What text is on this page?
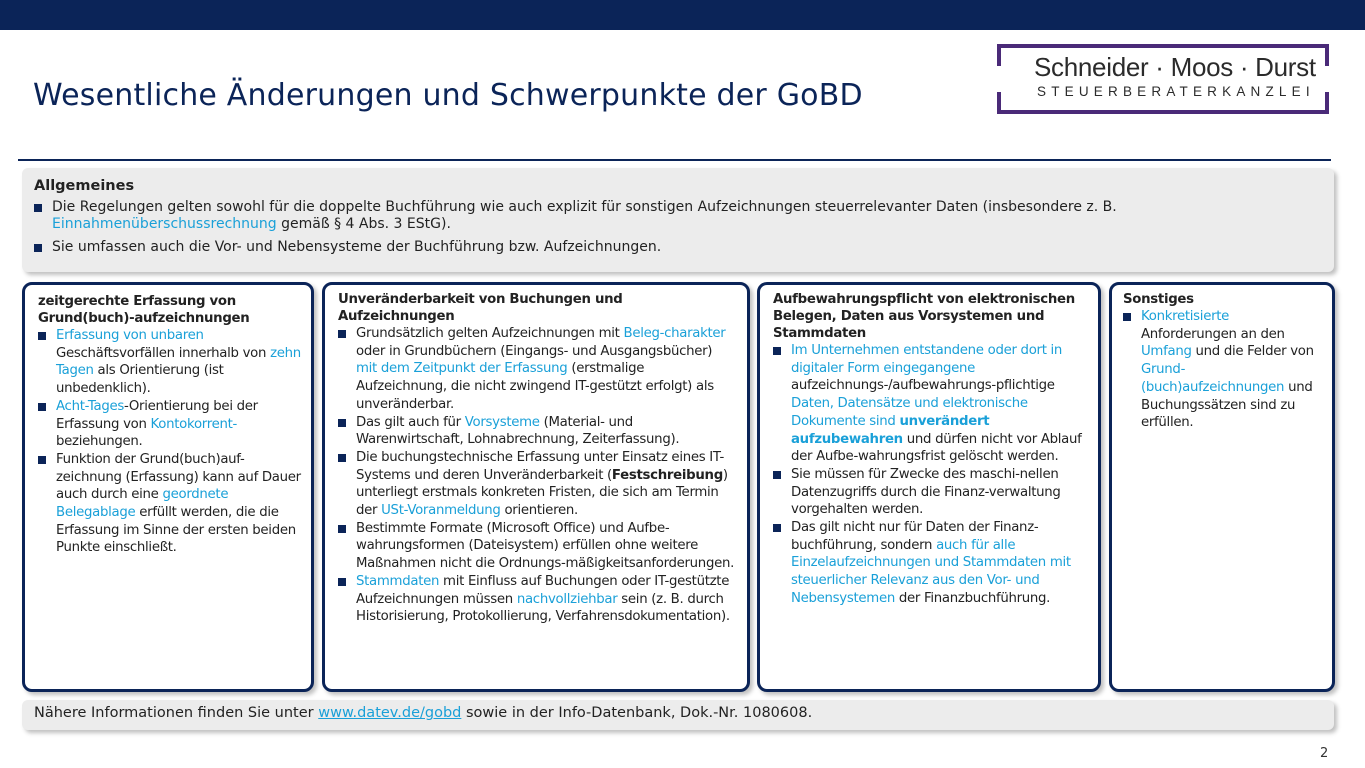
Wesentliche Änderungen und Schwerpunkte der GoBD
Schneider · Moos · Durst
STEUERBERATERKANZLEI
Allgemeines
Die Regelungen gelten sowohl für die doppelte Buchführung wie auch explizit für sonstigen Aufzeichnungen steuerrelevanter Daten (insbesondere z. B. Einnahmenüberschussrechnung gemäß § 4 Abs. 3 EStG).
Sie umfassen auch die Vor- und Nebensysteme der Buchführung bzw. Aufzeichnungen.
zeitgerechte Erfassung von Grund(buch)-aufzeichnungen
Erfassung von unbaren Geschäftsvorfällen innerhalb von zehn Tagen als Orientierung (ist unbedenklich).
Acht-Tages-Orientierung bei der Erfassung von Kontokorrent- beziehungen.
Funktion der Grund(buch)auf-zeichnung (Erfassung) kann auf Dauer auch durch eine geordnete Belegablage erfüllt werden, die die Erfassung im Sinne der ersten beiden Punkte einschließt.
Unveränderbarkeit von Buchungen und Aufzeichnungen
Grundsätzlich gelten Aufzeichnungen mit Beleg-charakter oder in Grundbüchern (Eingangs- und Ausgangsbücher) mit dem Zeitpunkt der Erfassung (erstmalige Aufzeichnung, die nicht zwingend IT-gestützt erfolgt) als unveränderbar.
Das gilt auch für Vorsysteme (Material- und Warenwirtschaft, Lohnabrechnung, Zeiterfassung).
Die buchungstechnische Erfassung unter Einsatz eines IT-Systems und deren Unveränderbarkeit (Festschreibung) unterliegt erstmals konkreten Fristen, die sich am Termin der USt-Voranmeldung orientieren.
Bestimmte Formate (Microsoft Office) und Aufbe-wahrungsformen (Dateisystem) erfüllen ohne weitere Maßnahmen nicht die Ordnungs-mäßigkeitsanforderungen.
Stammdaten mit Einfluss auf Buchungen oder IT-gestützte Aufzeichnungen müssen nachvollziehbar sein (z. B. durch Historisierung, Protokollierung, Verfahrensdokumentation).
Aufbewahrungspflicht von elektronischen Belegen, Daten aus Vorsystemen und Stammdaten
Im Unternehmen entstandene oder dort in digitaler Form eingegangene aufzeichnungs-/aufbewahrungs-pflichtige Daten, Datensätze und elektronische Dokumente sind unverändert aufzubewahren und dürfen nicht vor Ablauf der Aufbe-wahrungsfrist gelöscht werden.
Sie müssen für Zwecke des maschi-nellen Datenzugriffs durch die Finanz-verwaltung vorgehalten werden.
Das gilt nicht nur für Daten der Finanz-buchführung, sondern auch für alle Einzelaufzeichnungen und Stammdaten mit steuerlicher Relevanz aus den Vor- und Nebensystemen der Finanzbuchführung.
Sonstiges
Konkretisierte Anforderungen an den Umfang und die Felder von Grund-(buch)aufzeichnungen und Buchungssätzen sind zu erfüllen.
Nähere Informationen finden Sie unter www.datev.de/gobd sowie in der Info-Datenbank, Dok.-Nr. 1080608.
2
